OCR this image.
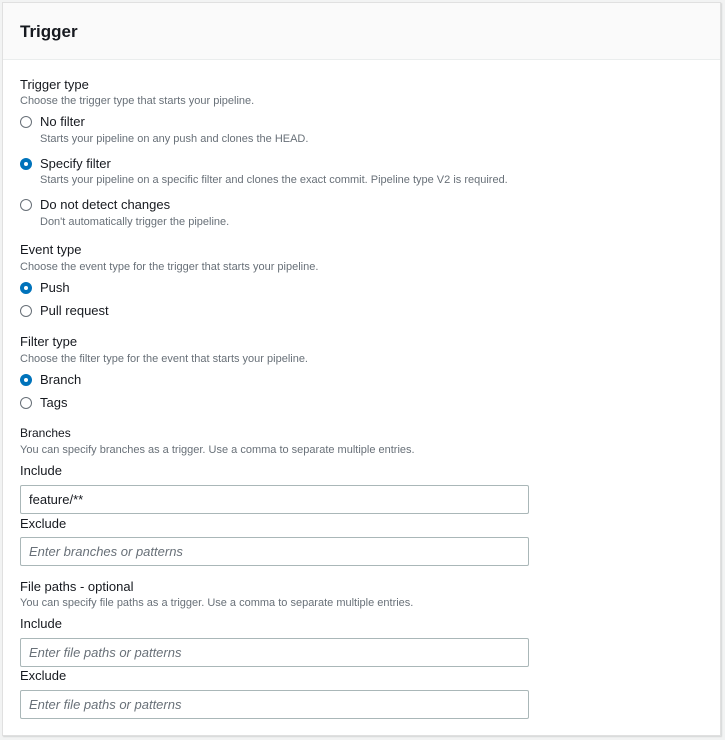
Trigger
Trigger type
Choose the trigger type that starts your pipeline.
No filter
Starts your pipeline on any push and clones the HEAD.
Specify filter
Starts your pipeline on a specific filter and clones the exact commit. Pipeline type V2 is required.
Do not detect changes
Don't automatically trigger the pipeline.
Event type
Choose the event type for the trigger that starts your pipeline.
Push
Pull request
Filter type
Choose the filter type for the event that starts your pipeline.
Branch
Tags
Branches
You can specify branches as a trigger. Use a comma to separate multiple entries.
Include
feature/**
Exclude
Enter branches or patterns
File paths - optional
You can specify file paths as a trigger. Use a comma to separate multiple entries.
Include
Enter file paths or patterns
Exclude
Enter file paths or patterns
